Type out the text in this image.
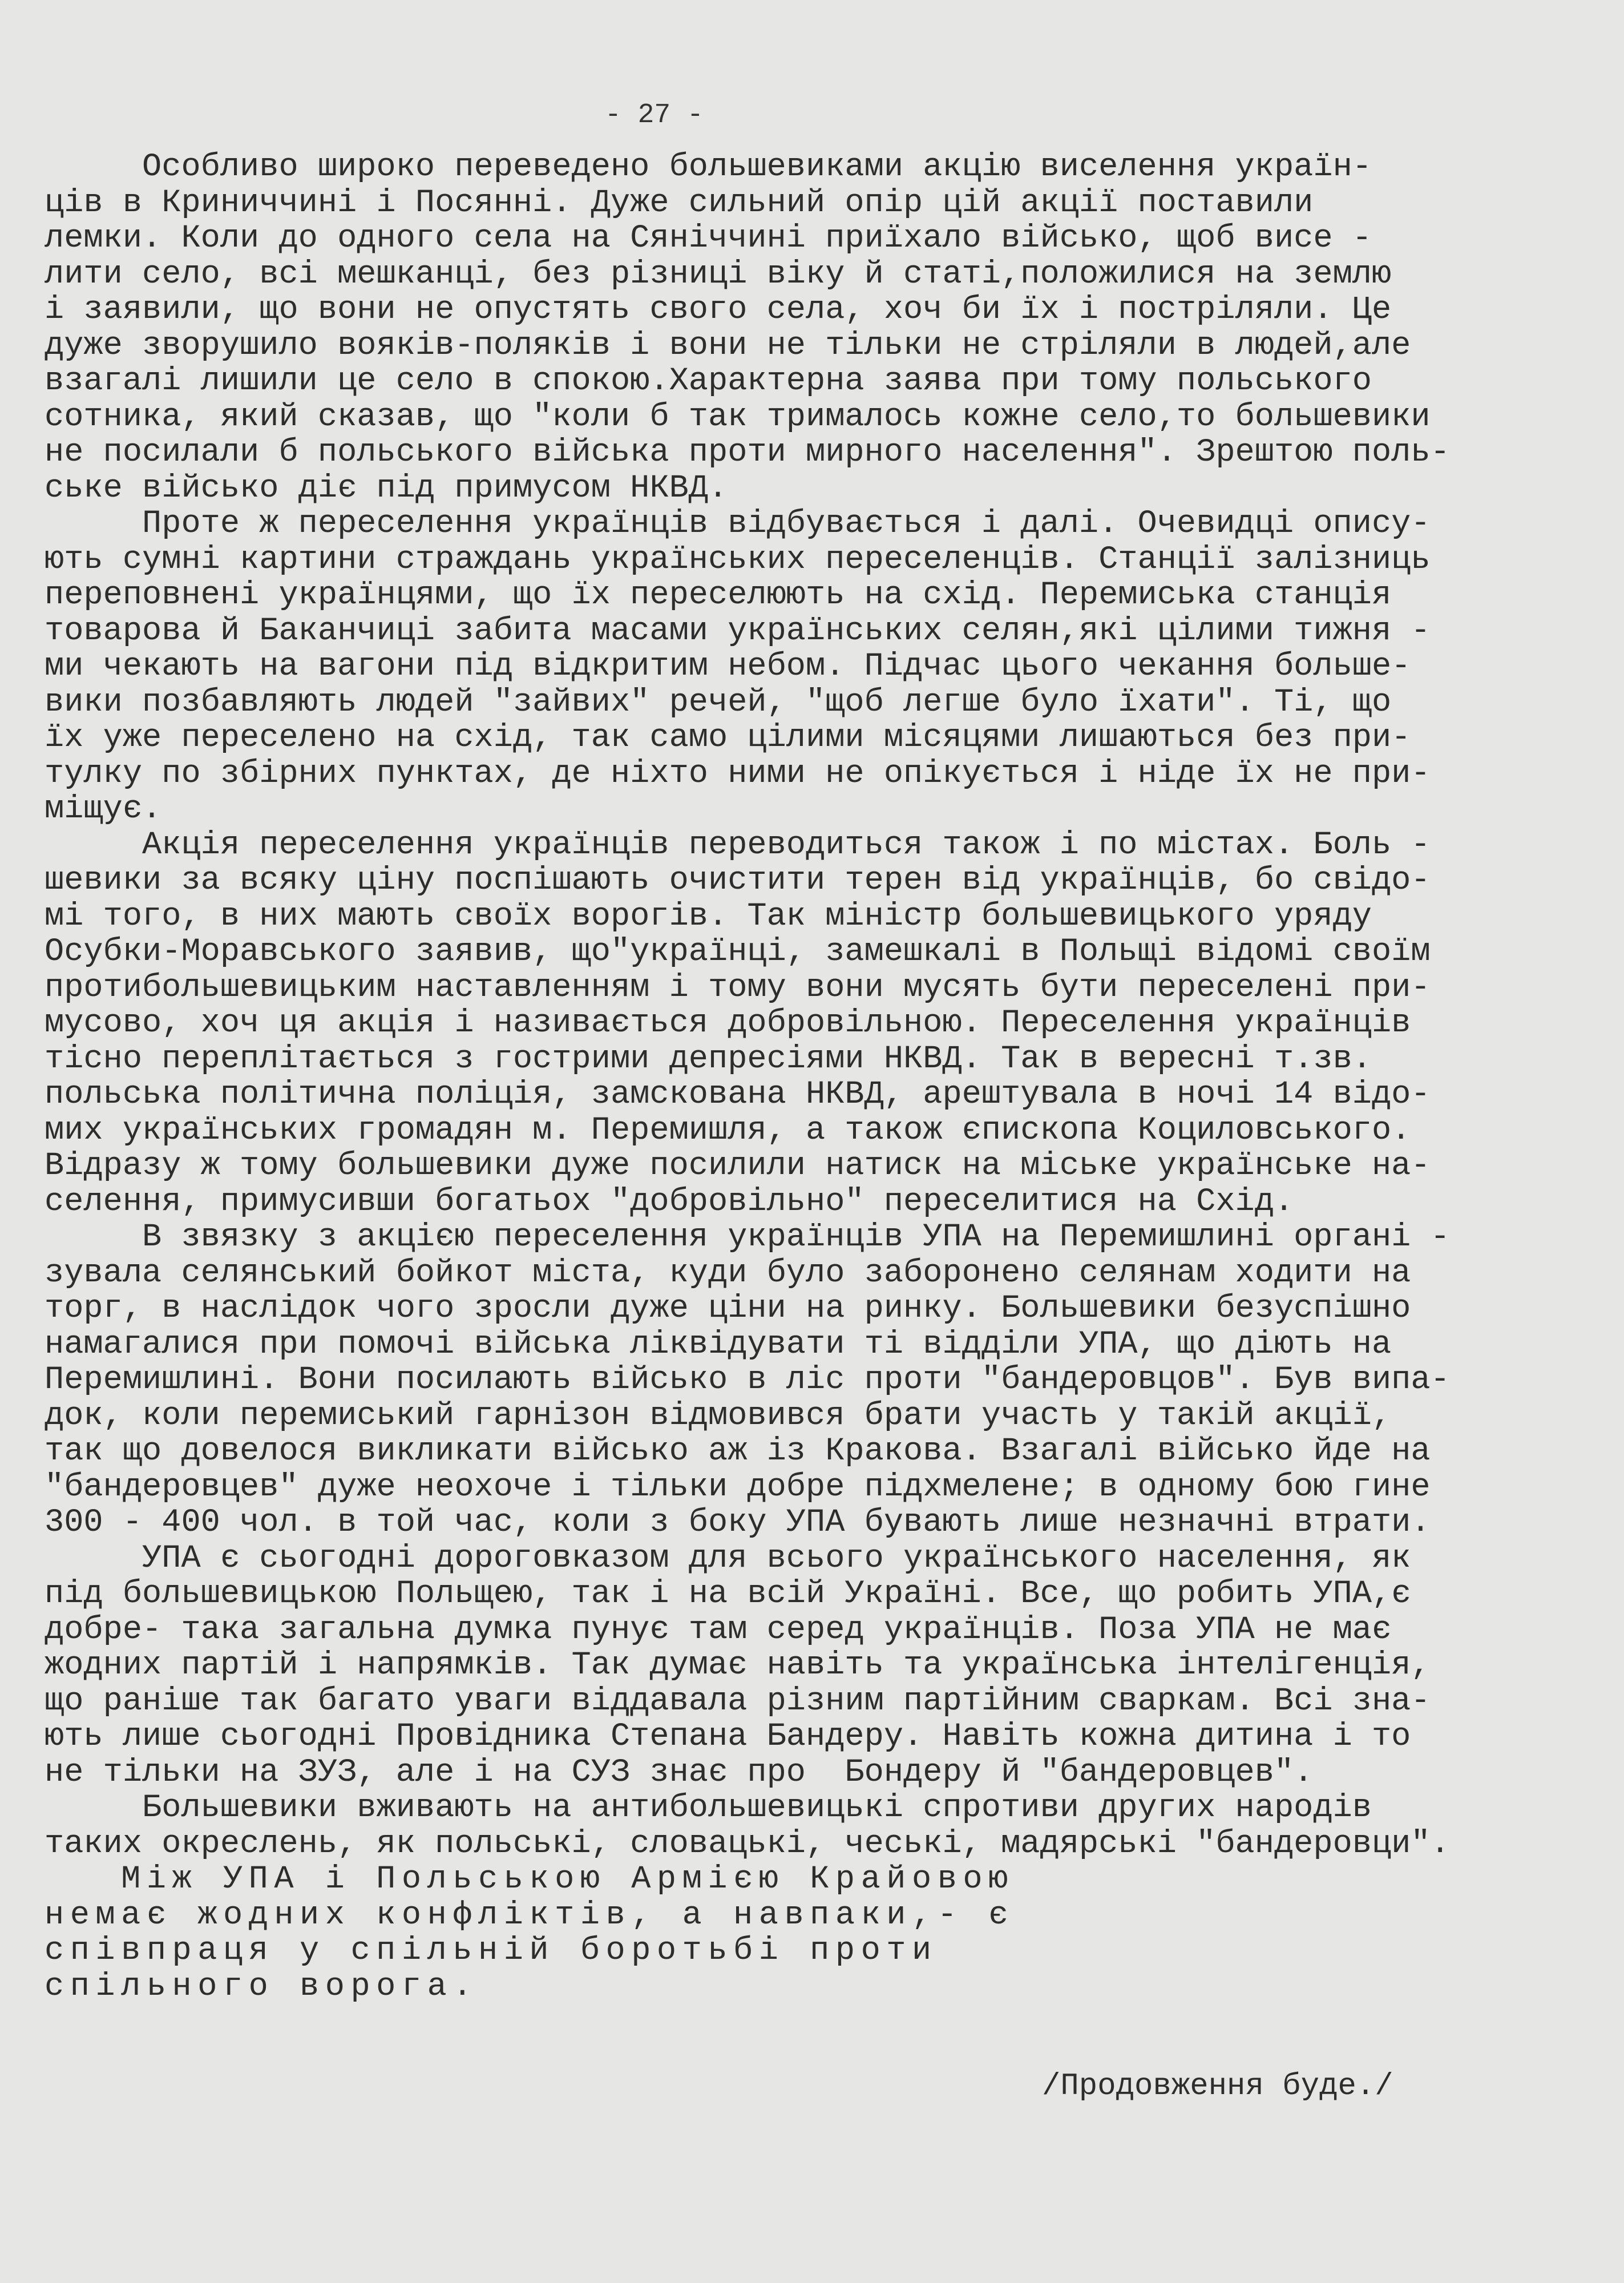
- 27 -
Особливо широко переведено большевиками акцію виселення україн-
ців в Криниччині і Посянні. Дуже сильний опір цій акції поставили
лемки. Коли до одного села на Сяніччині приїхало військо, щоб висе -
лити село, всі мешканці, без різниці віку й статі,положилися на землю
і заявили, що вони не опустять свого села, хоч би їх і постріляли. Це
дуже зворушило вояків-поляків і вони не тільки не стріляли в людей,але
взагалі лишили це село в спокою.Характерна заява при тому польського
сотника, який сказав, що "коли б так трималось кожне село,то большевики
не посилали б польського війська проти мирного населення". Зрештою поль-
ське військо діє під примусом НКВД.
Проте ж переселення українців відбувається і далі. Очевидці опису-
ють сумні картини страждань українських переселенців. Станції залізниць
переповнені українцями, що їх переселюють на схід. Перемиська станція
товарова й Баканчиці забита масами українських селян,які цілими тижня -
ми чекають на вагони під відкритим небом. Підчас цього чекання больше-
вики позбавляють людей "зайвих" речей, "щоб легше було їхати". Ті, що
їх уже переселено на схід, так само цілими місяцями лишаються без при-
тулку по збірних пунктах, де ніхто ними не опікується і ніде їх не при-
міщує.
Акція переселення українців переводиться також і по містах. Боль -
шевики за всяку ціну поспішають очистити терен від українців, бо свідо-
мі того, в них мають своїх ворогів. Так міністр большевицького уряду
Осубки-Моравського заявив, що"українці, замешкалі в Польщі відомі своїм
протибольшевицьким наставленням і тому вони мусять бути переселені при-
мусово, хоч ця акція і називається добровільною. Переселення українців
тісно переплітається з гострими депресіями НКВД. Так в вересні т.зв.
польська політична поліція, замскована НКВД, арештувала в ночі 14 відо-
мих українських громадян м. Перемишля, а також єпископа Коциловського.
Відразу ж тому большевики дуже посилили натиск на міське українське на-
селення, примусивши богатьох "добровільно" переселитися на Схід.
В звязку з акцією переселення українців УПА на Перемишлині органі -
зувала селянський бойкот міста, куди було заборонено селянам ходити на
торг, в наслідок чого зросли дуже ціни на ринку. Большевики безуспішно
намагалися при помочі війська ліквідувати ті відділи УПА, що діють на
Перемишлині. Вони посилають військо в ліс проти "бандеровцов". Був випа-
док, коли перемиський гарнізон відмовився брати участь у такій акції,
так що довелося викликати військо аж із Кракова. Взагалі військо йде на
"бандеровцев" дуже неохоче і тільки добре підхмелене; в одному бою гине
300 - 400 чол. в той час, коли з боку УПА бувають лише незначні втрати.
УПА є сьогодні дороговказом для всього українського населення, як
під большевицькою Польщею, так і на всій Україні. Все, що робить УПА,є
добре- така загальна думка пунує там серед українців. Поза УПА не має
жодних партій і напрямків. Так думає навіть та українська інтелігенція,
що раніше так багато уваги віддавала різним партійним сваркам. Всі зна-
ють лише сьогодні Провідника Степана Бандеру. Навіть кожна дитина і то
не тільки на ЗУЗ, але і на СУЗ знає про  Бондеру й "бандеровцев".
Большевики вживають на антибольшевицькі спротиви других народів
таких окреслень, як польські, словацькі, чеські, мадярські "бандеровци".
Між УПА і Польською Армією Крайовою
немає жодних конфліктів, а навпаки,- є
співпраця у спільній боротьбі проти
спільного ворога.
/Продовження буде./
